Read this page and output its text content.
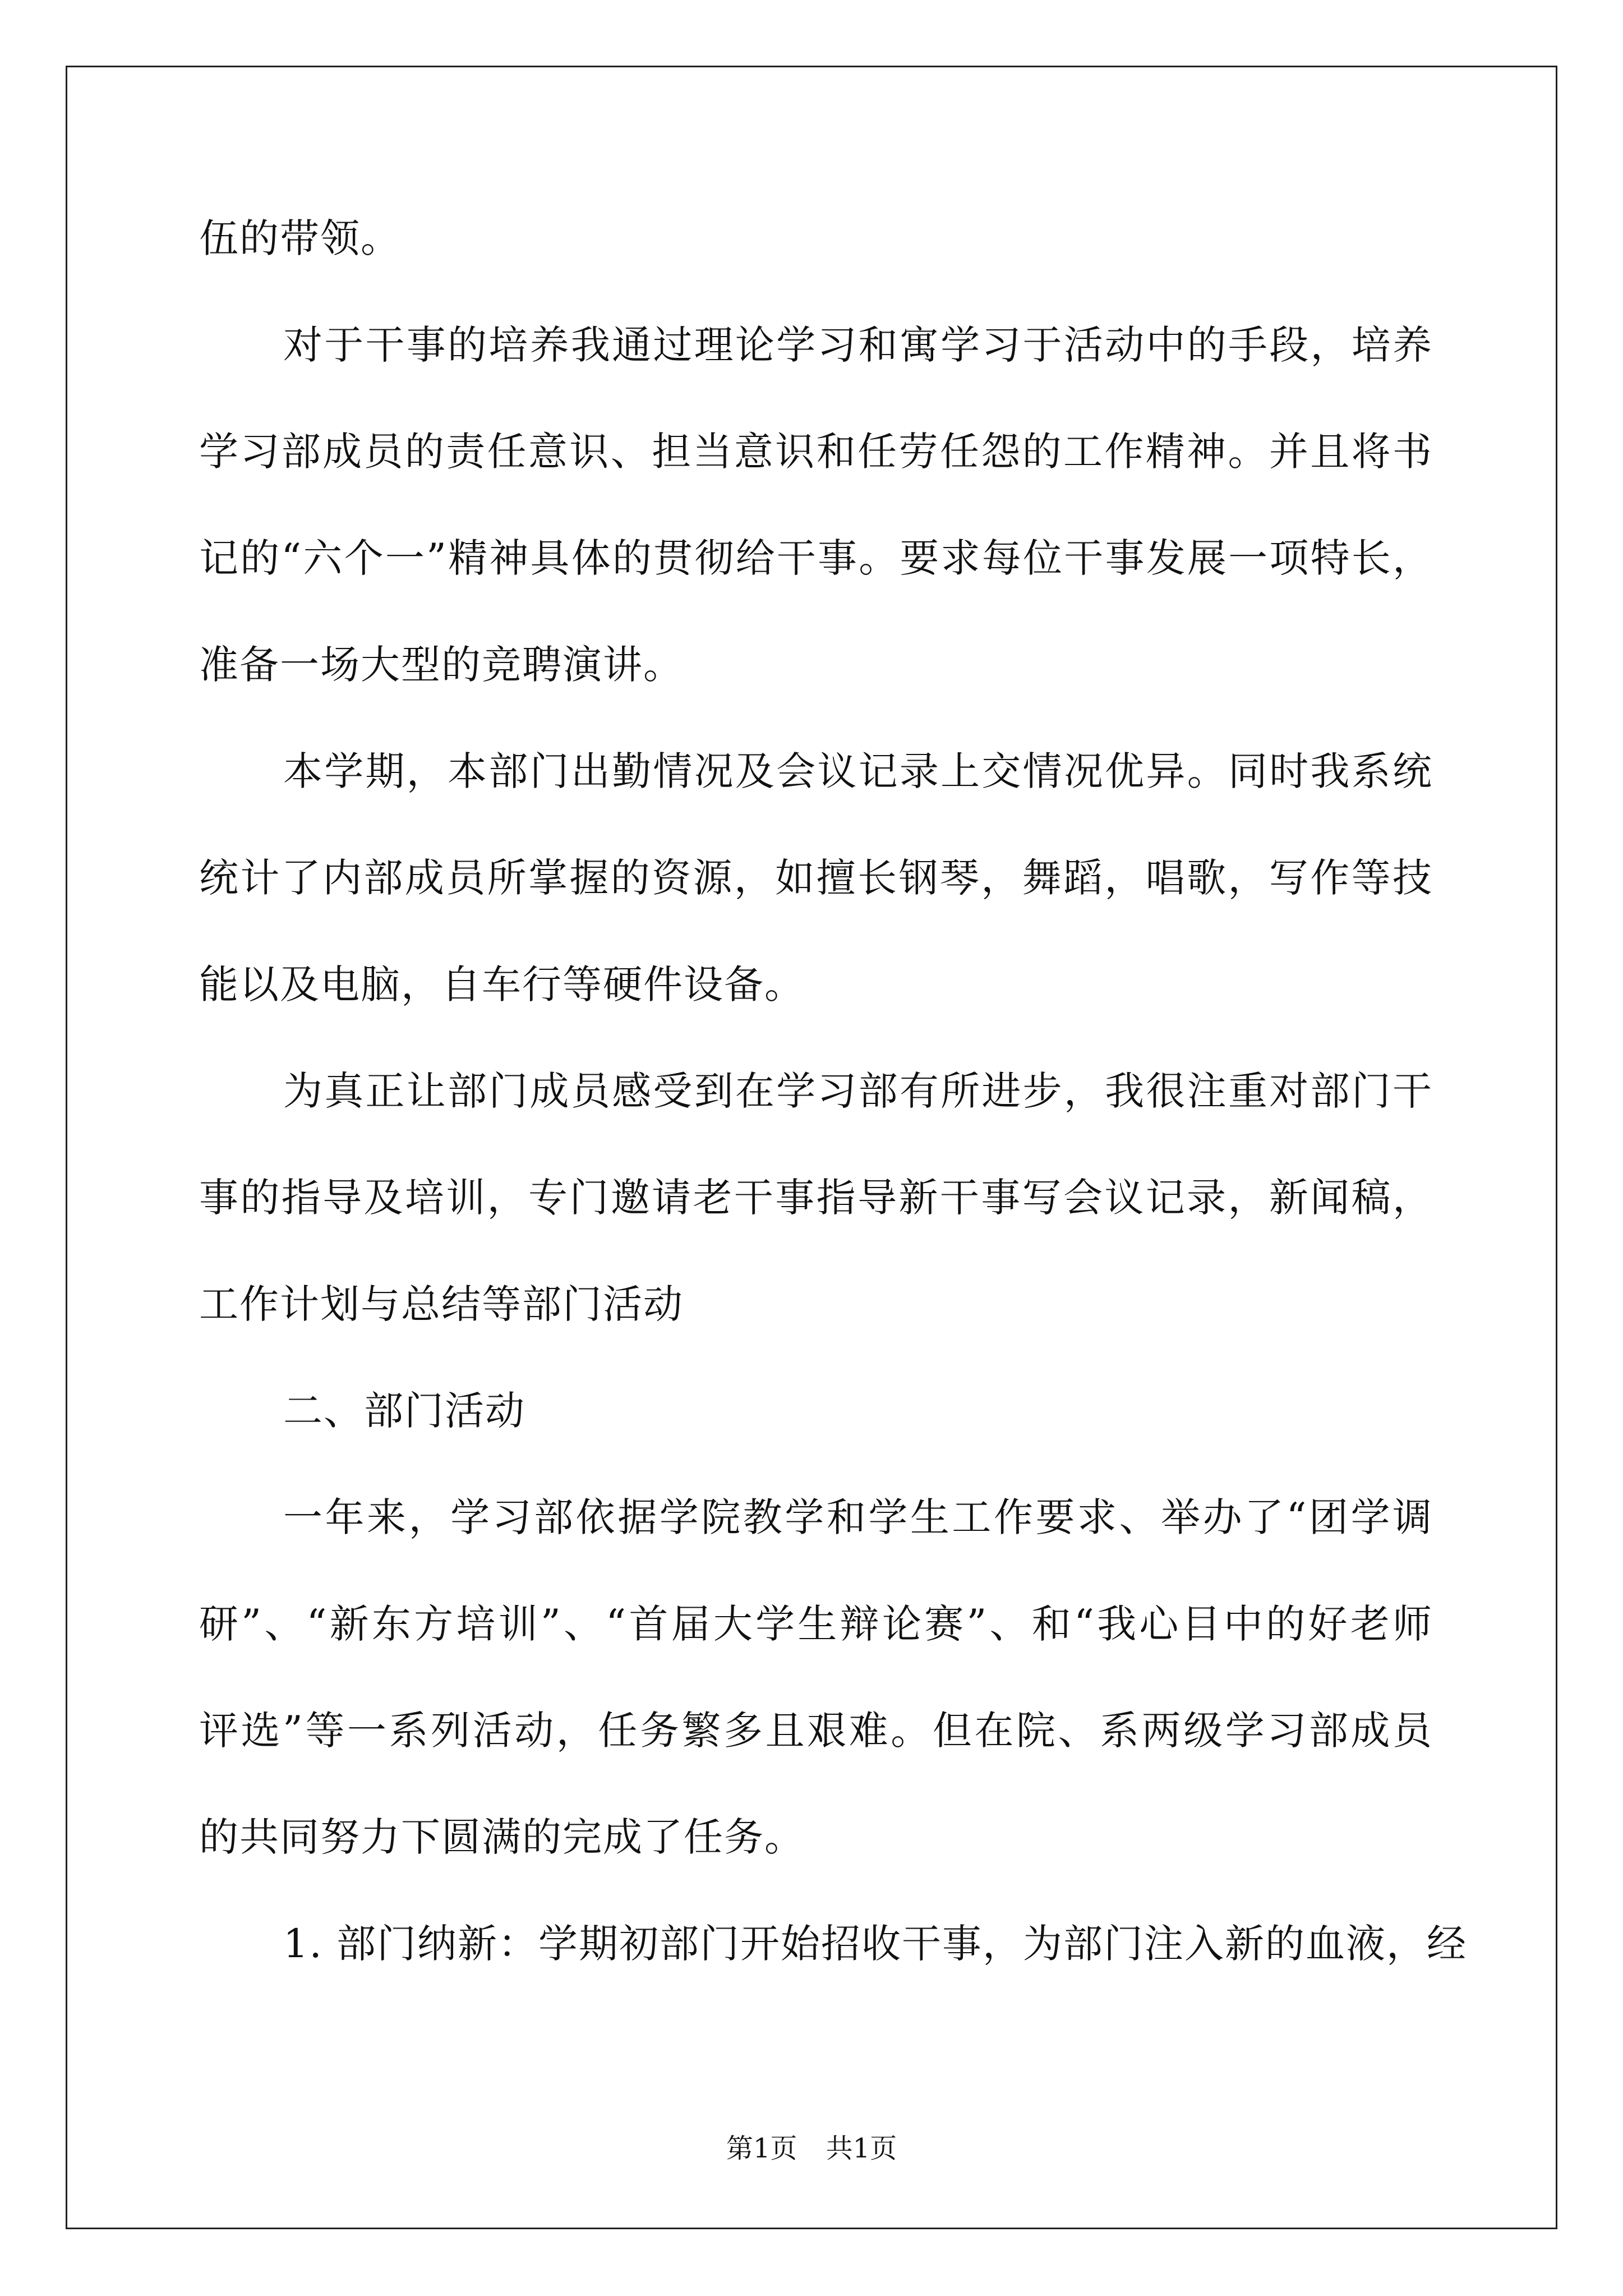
伍的带领。
对于干事的培养我通过理论学习和寓学习于活动中的手段，培养
学习部成员的责任意识、担当意识和任劳任怨的工作精神。并且将书
记的“六个一”精神具体的贯彻给干事。要求每位干事发展一项特长，
准备一场大型的竞聘演讲。
本学期，本部门出勤情况及会议记录上交情况优异。同时我系统
统计了内部成员所掌握的资源，如擅长钢琴，舞蹈，唱歌，写作等技
能以及电脑，自车行等硬件设备。
为真正让部门成员感受到在学习部有所进步，我很注重对部门干
事的指导及培训，专门邀请老干事指导新干事写会议记录，新闻稿，
工作计划与总结等部门活动
二、部门活动
一年来，学习部依据学院教学和学生工作要求、举办了“团学调
研”、“新东方培训”、“首届大学生辩论赛”、和“我心目中的好老师
评选”等一系列活动，任务繁多且艰难。但在院、系两级学习部成员
的共同努力下圆满的完成了任务。
1. 部门纳新：学期初部门开始招收干事，为部门注入新的血液，经
第1页 共1页
